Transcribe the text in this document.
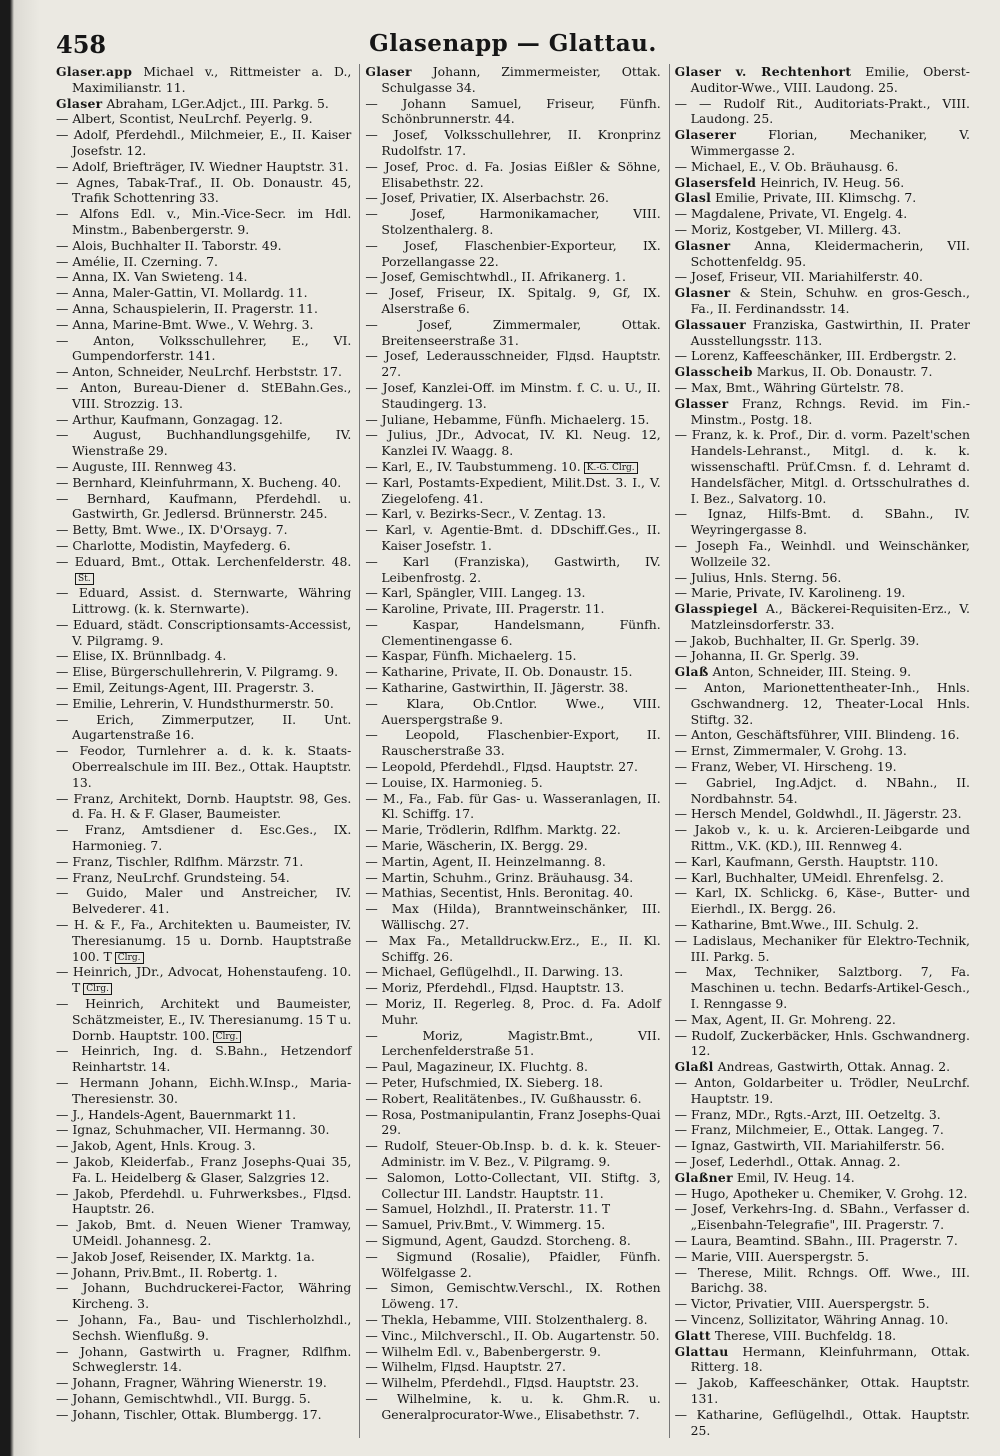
458	Glasenapp — Glattau.
Glaser.app Michael v., Rittmeister a. D., Maximilianstr. 11.
Glaser Abraham, LGer.Adjct., III. Parkg. 5.
— Albert, Scontist, NeuLrchf. Peyerlg. 9.
— Adolf, Pferdehdl., Milchmeier, E., II. Kaiser Josefstr. 12.
— Adolf, Briefträger, IV. Wiedner Hauptstr. 31.
— Agnes, Tabak-Traf., II. Ob. Donaustr. 45, Trafik Schottenring 33.
— Alfons Edl. v., Min.-Vice-Secr. im Hdl. Minstm., Babenbergerstr. 9.
— Alois, Buchhalter II. Taborstr. 49.
— Amélie, II. Czerning. 7.
— Anna, IX. Van Swieteng. 14.
— Anna, Maler-Gattin, VI. Mollardg. 11.
— Anna, Schauspielerin, II. Pragerstr. 11.
— Anna, Marine-Bmt. Wwe., V. Wehrg. 3.
— Anton, Volksschullehrer, E., VI. Gumpendorferstr. 141.
— Anton, Schneider, NeuLrchf. Herbststr. 17.
— Anton, Bureau-Diener d. StEBahn.Ges., VIII. Strozzig. 13.
— Arthur, Kaufmann, Gonzagag. 12.
— August, Buchhandlungsgehilfe, IV. Wienstraße 29.
— Auguste, III. Rennweg 43.
— Bernhard, Kleinfuhrmann, X. Bucheng. 40.
— Bernhard, Kaufmann, Pferdehdl. u. Gastwirth, Gr. Jedlersd. Brünnerstr. 245.
— Betty, Bmt. Wwe., IX. D'Orsayg. 7.
— Charlotte, Modistin, Mayfederg. 6.
— Eduard, Bmt., Ottak. Lerchenfelderstr. 48.St.
— Eduard, Assist. d. Sternwarte, Währing Littrowg. (k. k. Sternwarte).
— Eduard, städt. Conscriptionsamts-Accessist, V. Pilgramg. 9.
— Elise, IX. Brünnlbadg. 4.
— Elise, Bürgerschullehrerin, V. Pilgramg. 9.
— Emil, Zeitungs-Agent, III. Pragerstr. 3.
— Emilie, Lehrerin, V. Hundsthurmerstr. 50.
— Erich, Zimmerputzer, II. Unt. Augartenstraße 16.
— Feodor, Turnlehrer a. d. k. k. Staats-Oberrealschule im III. Bez., Ottak. Hauptstr. 13.
— Franz, Architekt, Dornb. Hauptstr. 98, Ges. d. Fa. H. & F. Glaser, Baumeister.
— Franz, Amtsdiener d. Esc.Ges., IX. Harmonieg. 7.
— Franz, Tischler, Rdlfhm. Märzstr. 71.
— Franz, NeuLrchf. Grundsteing. 54.
— Guido, Maler und Anstreicher, IV. Belvederег. 41.
— H. & F., Fa., Architekten u. Baumeister, IV. Theresianumg. 15 u. Dornb. Hauptstraße 100. T Clrg.
— Heinrich, JDr., Advocat, Hohenstaufeng. 10. T Clrg.
— Heinrich, Architekt und Baumeister, Schätzmeister, E., IV. Theresianumg. 15 T u. Dornb. Hauptstr. 100. Clrg.
— Heinrich, Ing. d. S.Bahn., Hetzendorf Reinhartstr. 14.
— Hermann Johann, Eichh.W.Insp., Maria-Theresienstr. 30.
— J., Handels-Agent, Bauernmarkt 11.
— Ignaz, Schuhmacher, VII. Hermanng. 30.
— Jakob, Agent, Hnls. Kroug. 3.
— Jakob, Kleiderfab., Franz Josephs-Quai 35, Fa. L. Heidelberg & Glaser, Salzgries 12.
— Jakob, Pferdehdl. u. Fuhrwerksbes., Flдsd. Hauptstr. 26.
— Jakob, Bmt. d. Neuen Wiener Tramway, UMeidl. Johannesg. 2.
— Jakob Josef, Reisender, IX. Marktg. 1a.
— Johann, Priv.Bmt., II. Robertg. 1.
— Johann, Buchdruckerei-Factor, Währing Kircheng. 3.
— Johann, Fa., Bau- und Tischlerholzhdl., Sechsh. Wienflußg. 9.
— Johann, Gastwirth u. Fragner, Rdlfhm. Schweglerstr. 14.
— Johann, Fragner, Währing Wienerstr. 19.
— Johann, Gemischtwhdl., VII. Burgg. 5.
— Johann, Tischler, Ottak. Blumbergg. 17.
Glaser Johann, Zimmermeister, Ottak. Schulgasse 34.
— Johann Samuel, Friseur, Fünfh. Schönbrunnerstr. 44.
— Josef, Volksschullehrer, II. Kronprinz Rudolfstr. 17.
— Josef, Proc. d. Fa. Josias Eißler & Söhne, Elisabethstr. 22.
— Josef, Privatier, IX. Alserbachstr. 26.
— Josef, Harmonikamacher, VIII. Stolzenthalerg. 8.
— Josef, Flaschenbier-Exporteur, IX. Porzellangasse 22.
— Josef, Gemischtwhdl., II. Afrikanerg. 1.
— Josef, Friseur, IX. Spitalg. 9, Gf, IX. Alserstraße 6.
— Josef, Zimmermaler, Ottak. Breitenseerstraße 31.
— Josef, Lederausschneider, Flдsd. Hauptstr. 27.
— Josef, Kanzlei-Off. im Minstm. f. C. u. U., II. Staudingerg. 13.
— Juliane, Hebamme, Fünfh. Michaelerg. 15.
— Julius, JDr., Advocat, IV. Kl. Neug. 12, Kanzlei IV. Waagg. 8.
— Karl, E., IV. Taubstummeng. 10. K.-G. Clrg.
— Karl, Postamts-Expedient, Milit.Dst. 3. I., V. Ziegelofeng. 41.
— Karl, v. Bezirks-Secr., V. Zentag. 13.
— Karl, v. Agentie-Bmt. d. DDschiff.Ges., II. Kaiser Josefstr. 1.
— Karl (Franziska), Gastwirth, IV. Leibenfrostg. 2.
— Karl, Spängler, VIII. Langeg. 13.
— Karoline, Private, III. Pragerstr. 11.
— Kaspar, Handelsmann, Fünfh. Clementinengasse 6.
— Kaspar, Fünfh. Michaelerg. 15.
— Katharine, Private, II. Ob. Donaustr. 15.
— Katharine, Gastwirthin, II. Jägerstr. 38.
— Klara, Ob.Cntlor. Wwe., VIII. Auerspergstraße 9.
— Leopold, Flaschenbier-Export, II. Rauscherstraße 33.
— Leopold, Pferdehdl., Flдsd. Hauptstr. 27.
— Louise, IX. Harmonieg. 5.
— M., Fa., Fab. für Gas- u. Wasseranlagen, II. Kl. Schiffg. 17.
— Marie, Trödlerin, Rdlfhm. Marktg. 22.
— Marie, Wäscherin, IX. Bergg. 29.
— Martin, Agent, II. Heinzelmanng. 8.
— Martin, Schuhm., Grinz. Bräuhausg. 34.
— Mathias, Secentist, Hnls. Beronitag. 40.
— Max (Hilda), Branntweinschänker, III. Wällischg. 27.
— Max Fa., Metalldruckw.Erz., E., II. Kl. Schiffg. 26.
— Michael, Geflügelhdl., II. Darwing. 13.
— Moriz, Pferdehdl., Flдsd. Hauptstr. 13.
— Moriz, II. Regerleg. 8, Proc. d. Fa. Adolf Muhr.
— Moriz, Magistr.Bmt., VII. Lerchenfelderstraße 51.
— Paul, Magazineur, IX. Fluchtg. 8.
— Peter, Hufschmied, IX. Sieberg. 18.
— Robert, Realitätenbes., IV. Gußhausstr. 6.
— Rosa, Postmanipulantin, Franz Josephs-Quai 29.
— Rudolf, Steuer-Ob.Insp. b. d. k. k. Steuer-Administr. im V. Bez., V. Pilgramg. 9.
— Salomon, Lotto-Collectant, VII. Stiftg. 3, Collectur III. Landstr. Hauptstr. 11.
— Samuel, Holzhdl., II. Praterstr. 11. T
— Samuel, Priv.Bmt., V. Wimmerg. 15.
— Sigmund, Agent, Gaudzd. Storcheng. 8.
— Sigmund (Rosalie), Pfaidler, Fünfh. Wölfelgasse 2.
— Simon, Gemischtw.Verschl., IX. Rothen Löweng. 17.
— Thekla, Hebamme, VIII. Stolzenthalerg. 8.
— Vinc., Milchverschl., II. Ob. Augartenstr. 50.
— Wilhelm Edl. v., Babenbergerstr. 9.
— Wilhelm, Flдsd. Hauptstr. 27.
— Wilhelm, Pferdehdl., Flдsd. Hauptstr. 23.
— Wilhelmine, k. u. k. Ghm.R. u. Generalprocurator-Wwe., Elisabethstr. 7.
Glaser v. Rechtenhort Emilie, Oberst-Auditor-Wwe., VIII. Laudong. 25.
— — Rudolf Rit., Auditoriats-Prakt., VIII. Laudong. 25.
Glaserer	Florian, Mechaniker, V. Wimmergasse 2.
— Michael, E., V. Ob. Bräuhausg. 6.
Glasersfeld Heinrich, IV. Heug. 56.
Glasl Emilie, Private, III. Klimschg. 7.
— Magdalene, Private, VI. Engelg. 4.
— Moriz, Kostgeber, VI. Millerg. 43.
Glasner Anna, Kleidermacherin, VII. Schottenfeldg. 95.
— Josef, Friseur, VII. Mariahilferstr. 40.
Glasner & Stein, Schuhw. en gros-Gesch., Fa., II. Ferdinandsstr. 14.
Glassauer Franziska, Gastwirthin, II. Prater Ausstellungsstr. 113.
— Lorenz, Kaffeeschänker, III. Erdbergstr. 2.
Glasscheib Markus, II. Ob. Donaustr. 7.
— Max, Bmt., Währing Gürtelstr. 78.
Glasser Franz, Rchngs. Revid. im Fin.-Minstm., Postg. 18.
— Franz, k. k. Prof., Dir. d. vorm. Pazelt'schen Handels-Lehranst., Mitgl. d. k. k. wissenschaftl. Prüf.Cmsn. f. d. Lehramt d. Handelsfächer, Mitgl. d. Ortsschulrathes d. I. Bez., Salvatorg. 10.
— Ignaz, Hilfs-Bmt. d. SBahn., IV. Weyringergasse 8.
— Joseph Fa., Weinhdl. und Weinschänker, Wollzeile 32.
— Julius, Hnls. Sterng. 56.
— Marie, Private, IV. Karolineng. 19.
Glasspiegel A., Bäckerei-Requisiten-Erz., V. Matzleinsdorferstr. 33.
— Jakob, Buchhalter, II. Gr. Sperlg. 39.
— Johanna, II. Gr. Sperlg. 39.
Glaß Anton, Schneider, III. Steing. 9.
— Anton, Marionettentheater-Inh., Hnls. Gschwandnerg. 12, Theater-Local Hnls. Stiftg. 32.
— Anton, Geschäftsführer, VIII. Blindeng. 16.
— Ernst, Zimmermaler, V. Grohg. 13.
— Franz, Weber, VI. Hirscheng. 19.
— Gabriel, Ing.Adjct. d. NBahn., II. Nordbahnstr. 54.
— Hersch Mendel, Goldwhdl., II. Jägerstr. 23.
— Jakob v., k. u. k. Arcieren-Leibgarde und Rittm., V.K. (KD.), III. Rennweg 4.
— Karl, Kaufmann, Gersth. Hauptstr. 110.
— Karl, Buchhalter, UMeidl. Ehrenfelsg. 2.
— Karl, IX. Schlickg. 6, Käse-, Butter- und Eierhdl., IX. Bergg. 26.
— Katharine, Bmt.Wwe., III. Schulg. 2.
— Ladislaus, Mechaniker für Elektro-Technik, III. Parkg. 5.
— Max, Techniker, Salztborg. 7, Fa. Maschinen u. techn. Bedarfs-Artikel-Gesch., I. Renngasse 9.
— Max, Agent, II. Gr. Mohreng. 22.
— Rudolf, Zuckerbäcker, Hnls. Gschwandnerg. 12.
Glaßl Andreas, Gastwirth, Ottak. Annag. 2.
— Anton, Goldarbeiter u. Trödler, NeuLrchf. Hauptstr. 19.
— Franz, MDr., Rgts.-Arzt, III. Oetzeltg. 3.
— Franz, Milchmeier, E., Ottak. Langeg. 7.
— Ignaz, Gastwirth, VII. Mariahilferstr. 56.
— Josef, Lederhdl., Ottak. Annag. 2.
Glaßner Emil, IV. Heug. 14.
— Hugo, Apotheker u. Chemiker, V. Grohg. 12.
— Josef, Verkehrs-Ing. d. SBahn., Verfasser d. „Eisenbahn-Telegrafie", III. Pragerstr. 7.
— Laura, Beamtind. SBahn., III. Pragerstr. 7.
— Marie, VIII. Auerspergstr. 5.
— Therese, Milit. Rchngs. Off. Wwe., III. Barichg. 38.
— Victor, Privatier, VIII. Auerspergstr. 5.
— Vincenz, Sollizitator, Währing Annag. 10.
Glatt Therese, VIII. Buchfeldg. 18.
Glattau Hermann, Kleinfuhrmann, Ottak. Ritterg. 18.
— Jakob, Kaffeeschänker, Ottak. Hauptstr. 131.
— Katharine, Geflügelhdl., Ottak. Hauptstr. 25.
